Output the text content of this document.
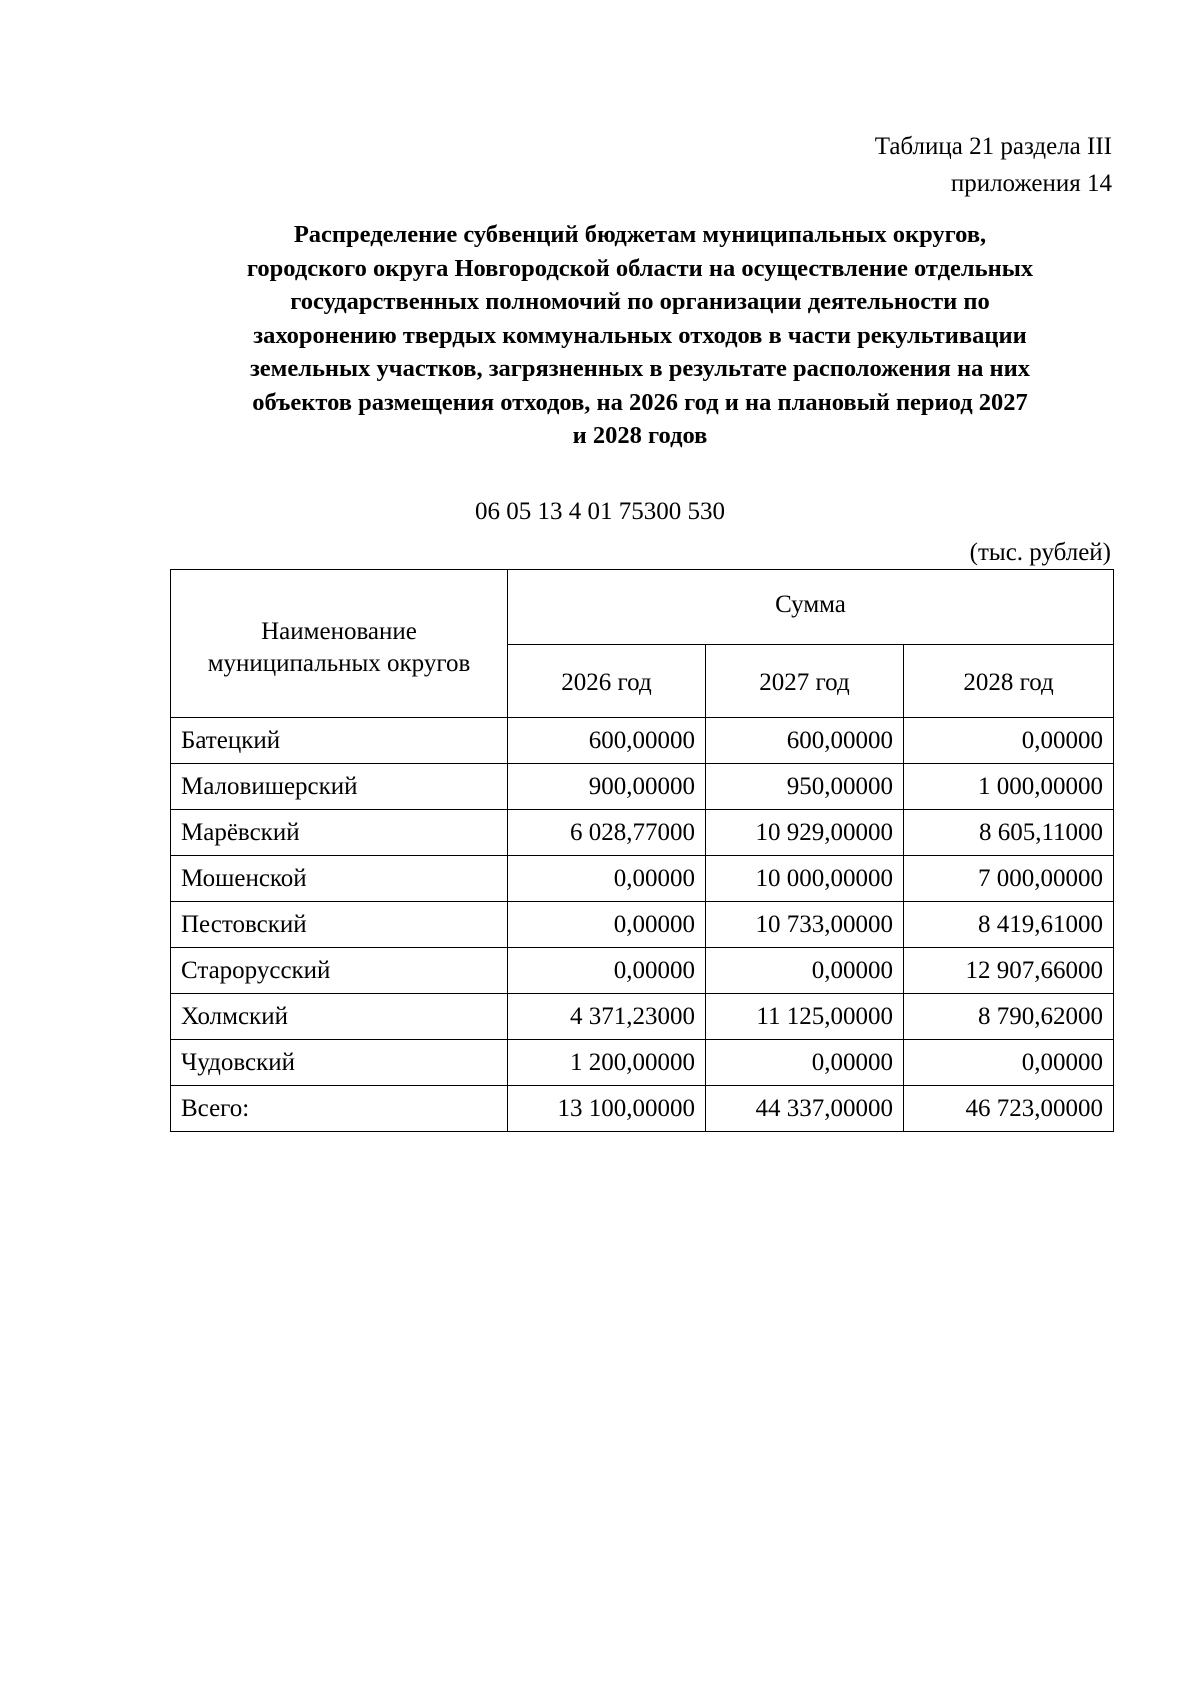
Таблица 21 раздела III
приложения 14
Распределение субвенций бюджетам муниципальных округов,
городского округа Новгородской области на осуществление отдельных
государственных полномочий по организации деятельности по
захоронению твердых коммунальных отходов в части рекультивации
земельных участков, загрязненных в результате расположения на них
объектов размещения отходов, на 2026 год и на плановый период 2027
и 2028 годов
06 05 13 4 01 75300 530
(тыс. рублей)
Наименование
муниципальных округов	Сумма		
	2026 год	2027 год	2028 год
Батецкий	600,00000	600,00000	0,00000
Маловишерский	900,00000	950,00000	1 000,00000
Марёвский	6 028,77000	10 929,00000	8 605,11000
Мошенской	0,00000	10 000,00000	7 000,00000
Пестовский	0,00000	10 733,00000	8 419,61000
Старорусский	0,00000	0,00000	12 907,66000
Холмский	4 371,23000	11 125,00000	8 790,62000
Чудовский	1 200,00000	0,00000	0,00000
Всего:	13 100,00000	44 337,00000	46 723,00000
